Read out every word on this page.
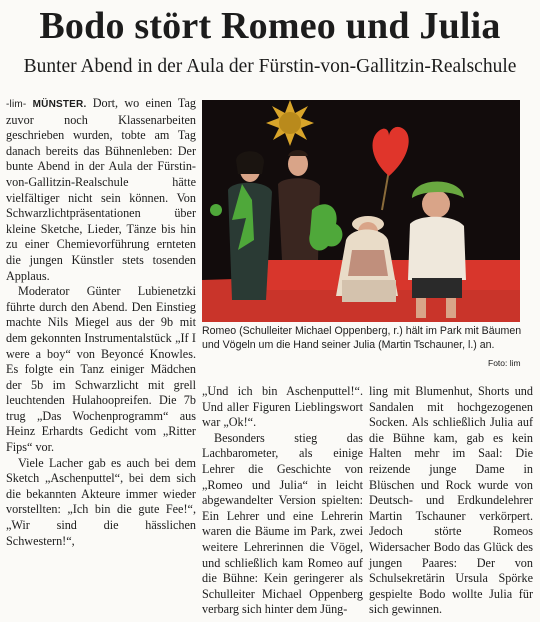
Bodo stört Romeo und Julia
Bunter Abend in der Aula der Fürstin-von-Gallitzin-Realschule

-lim- MÜNSTER. Dort, wo einen Tag zuvor noch Klassenarbeiten geschrieben wurden, tobte am Tag danach bereits das Bühnenleben: Der bunte Abend in der Aula der Fürstin-von-Gallitzin-Realschule hätte vielfältiger nicht sein können. Von Schwarzlichtpräsentationen über kleine Sketche, Lieder, Tänze bis hin zu einer Chemievorführung ernteten die jungen Künstler stets tosenden Applaus.

Moderator Günter Lubienetzki führte durch den Abend. Den Einstieg machte Nils Miegel aus der 9b mit dem gekonnten Instrumentalstück „If I were a boy“ von Beyoncé Knowles. Es folgte ein Tanz einiger Mädchen der 5b im Schwarzlicht mit grell leuchtenden Hulahoopreifen. Die 7b trug „Das Wochenprogramm“ aus Heinz Erhardts Gedicht vom „Ritter Fips“ vor.

Viele Lacher gab es auch bei dem Sketch „Aschenputtel“, bei dem sich die bekannten Akteure immer wieder vorstellten: „Ich bin die gute Fee!“, „Wir sind die hässlichen Schwestern!“,

Romeo (Schulleiter Michael Oppenberg, r.) hält im Park mit Bäumen und Vögeln um die Hand seiner Julia (Martin Tschauner, l.) an.
Foto: lim

„Und ich bin Aschenputtel!“. Und aller Figuren Lieblingswort war „Ok!“.

Besonders stieg das Lachbarometer, als einige Lehrer die Geschichte von „Romeo und Julia“ in leicht abgewandelter Version spielten: Ein Lehrer und eine Lehrerin waren die Bäume im Park, zwei weitere Lehrerinnen die Vögel, und schließlich kam Romeo auf die Bühne: Kein geringerer als Schulleiter Michael Oppenberg verbarg sich hinter dem Jüng-

ling mit Blumenhut, Shorts und Sandalen mit hochgezogenen Socken. Als schließlich Julia auf die Bühne kam, gab es kein Halten mehr im Saal: Die reizende junge Dame in Blüschen und Rock wurde von Deutsch- und Erdkundelehrer Martin Tschauner verkörpert. Jedoch störte Romeos Widersacher Bodo das Glück des jungen Paares: Der von Schulsekretärin Ursula Spörke gespielte Bodo wollte Julia für sich gewinnen.
